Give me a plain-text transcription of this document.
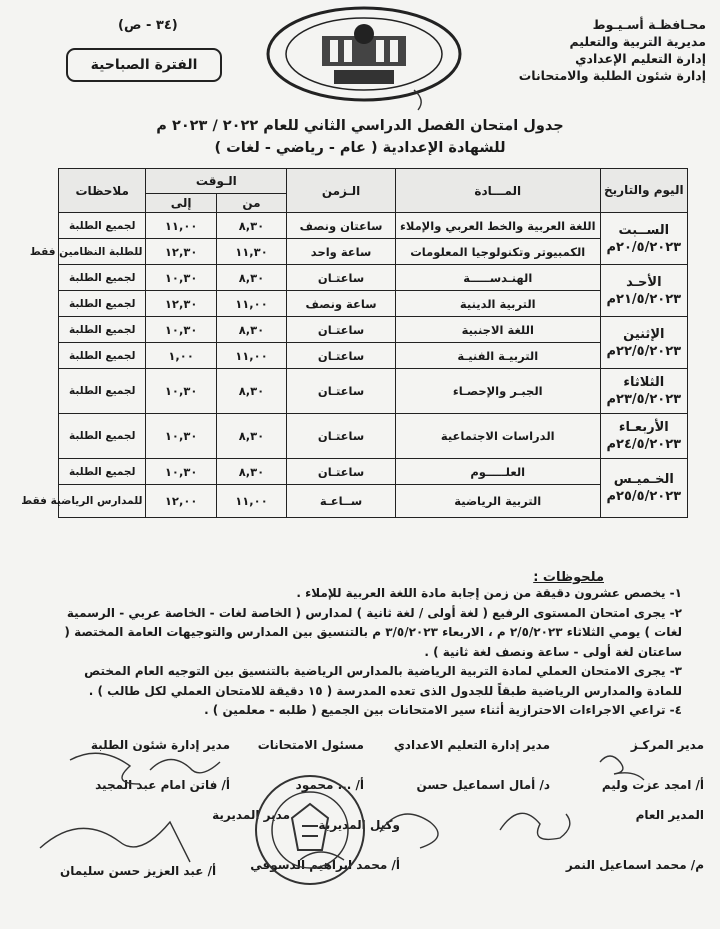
محـافظـة أسـيـوط
مديرية التربية والتعليم
إدارة التعليم الإعدادي
إدارة شئون الطلبة والامتحانات
(٣٤ - ص)
الفترة الصباحية
جدول امتحان الفصل الدراسي الثاني للعام ٢٠٢٢ / ٢٠٢٣ م
للشهادة الإعدادية ( عام - رياضي - لغات )
اليوم والتاريخ	المـــادة	الـزمن	الـوقت		ملاحظات
			من	إلى	

الســبت
٢٠/٥/٢٠٢٣م	اللغة العربية والخط العربي والإملاء	ساعتان ونصف	٨,٣٠	١١,٠٠	لجميع الطلبة
	الكمبيوتر وتكنولوجيا المعلومات	ساعة واحد	١١,٣٠	١٢,٣٠	للطلبة النظامين فقط

الأحـد
٢١/٥/٢٠٢٣م	الهنـدســـــة	ساعتـان	٨,٣٠	١٠,٣٠	لجميع الطلبة
	التربية الدينية	ساعة ونصف	١١,٠٠	١٢,٣٠	لجميع الطلبة

الإثنين
٢٢/٥/٢٠٢٣م	اللغة الاجنبية	ساعتـان	٨,٣٠	١٠,٣٠	لجميع الطلبة
	التربيـة الفنيـة	ساعتـان	١١,٠٠	١,٠٠	لجميع الطلبة

الثلاثاء
٢٣/٥/٢٠٢٣م	الجبـر والإحصـاء	ساعتـان	٨,٣٠	١٠,٣٠	لجميع الطلبة

الأربعـاء
٢٤/٥/٢٠٢٣م	الدراسات الاجتماعية	ساعتـان	٨,٣٠	١٠,٣٠	لجميع الطلبة

الخـميـس
٢٥/٥/٢٠٢٣م	العلـــــوم	ساعتـان	٨,٣٠	١٠,٣٠	لجميع الطلبة
	التربية الرياضية	ســاعـة	١١,٠٠	١٢,٠٠	للمدارس الرياضية فقط
ملحوظات :

١- يخصص عشرون دقيقة من زمن إجابة مادة اللغة العربية للإملاء .

٢- يجرى امتحان المستوى الرفيع ( لغة أولى / لغة ثانية ) لمدارس ( الخاصة لغات - الخاصة عربي - الرسمية لغات ) يومي الثلاثاء ٢/٥/٢٠٢٣ م ، الاربعاء ٣/٥/٢٠٢٣ م بالتنسيق بين المدارس والتوجيهات العامة المختصة ( ساعتان لغة أولى - ساعة ونصف لغة ثانية ) .

٣- يجرى الامتحان العملي لمادة التربية الرياضية بالمدارس الرياضية بالتنسيق بين التوجيه العام المختص للمادة والمدارس الرياضية طبقاً للجدول الذى تعده المدرسة ( ١٥ دقيقة للامتحان العملي لكل طالب ) .

٤- تراعي الاجراءات الاحترازية أثناء سير الامتحانات بين الجميع ( طلبه - معلمين ) .

مدير المركـز
أ/ امجد عزت وليم
مدير إدارة التعليم الاعدادي
د/ أمال اسماعيل حسن
مسئول الامتحانات
أ/ ... محمود
مدير إدارة شئون الطلبة
أ/ فاتن امام عبد المجيد
المدير العام
م/ محمد اسماعيل النمر
وكيل المديرية
أ/ محمد ابراهيم الدسوقي
مدير المديرية
أ/ عبد العزيز حسن سليمان
